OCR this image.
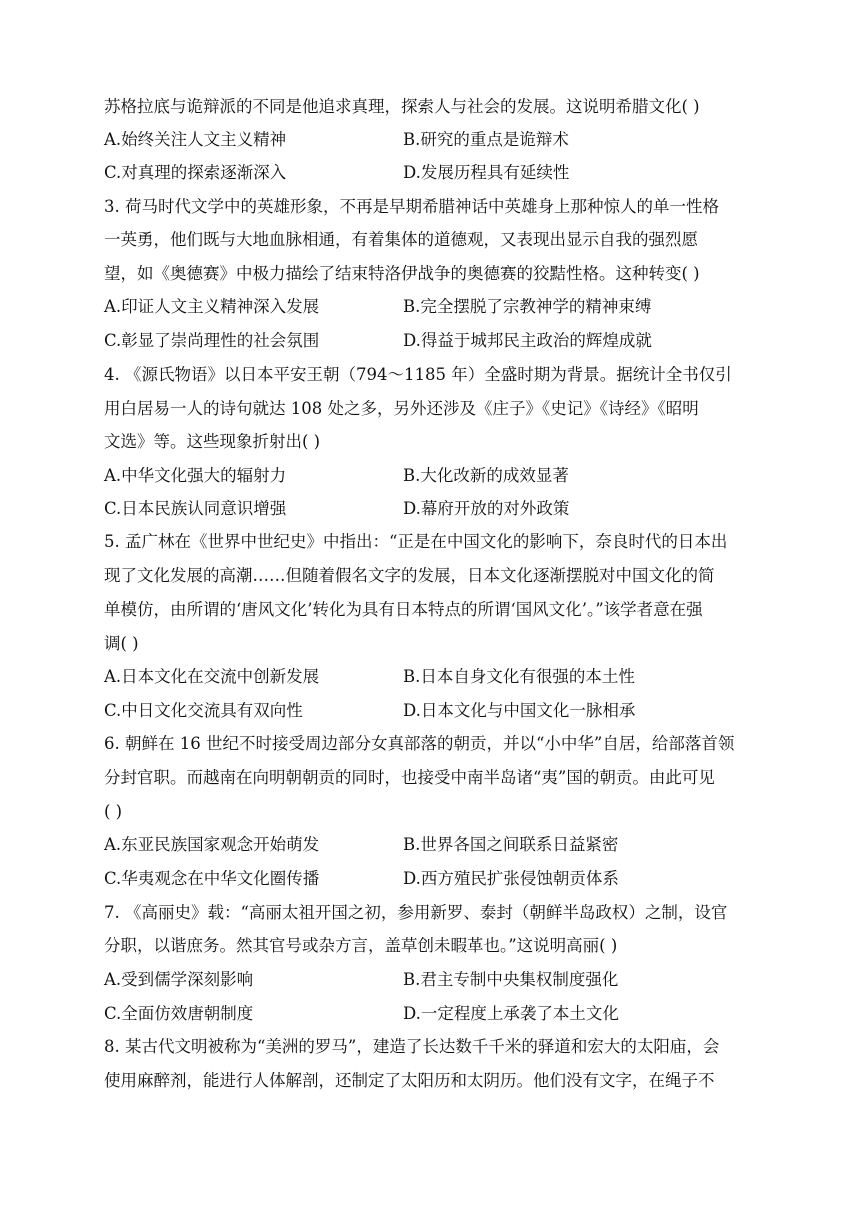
苏格拉底与诡辩派的不同是他追求真理，探索人与社会的发展。这说明希腊文化( )
A.始终关注人文主义精神	B.研究的重点是诡辩术
C.对真理的探索逐渐深入	D.发展历程具有延续性
3. 荷马时代文学中的英雄形象，不再是早期希腊神话中英雄身上那种惊人的单一性格
一英勇，他们既与大地血脉相通，有着集体的道德观，又表现出显示自我的强烈愿
望，如《奥德赛》中极力描绘了结束特洛伊战争的奥德赛的狡黠性格。这种转变( )
A.印证人文主义精神深入发展	B.完全摆脱了宗教神学的精神束缚
C.彰显了崇尚理性的社会氛围	D.得益于城邦民主政治的辉煌成就
4. 《源氏物语》以日本平安王朝（794～1185 年）全盛时期为背景。据统计全书仅引
用白居易一人的诗句就达 108 处之多，另外还涉及《庄子》《史记》《诗经》《昭明
文选》等。这些现象折射出( )
A.中华文化强大的辐射力	B.大化改新的成效显著
C.日本民族认同意识增强	D.幕府开放的对外政策
5. 孟广林在《世界中世纪史》中指出：“正是在中国文化的影响下，奈良时代的日本出
现了文化发展的高潮……但随着假名文字的发展，日本文化逐渐摆脱对中国文化的简
单模仿，由所谓的‘唐风文化’转化为具有日本特点的所谓‘国风文化’。”该学者意在强
调( )
A.日本文化在交流中创新发展	B.日本自身文化有很强的本土性
C.中日文化交流具有双向性	D.日本文化与中国文化一脉相承
6. 朝鲜在 16 世纪不时接受周边部分女真部落的朝贡，并以“小中华”自居，给部落首领
分封官职。而越南在向明朝朝贡的同时，也接受中南半岛诸“夷”国的朝贡。由此可见
( )
A.东亚民族国家观念开始萌发	B.世界各国之间联系日益紧密
C.华夷观念在中华文化圈传播	D.西方殖民扩张侵蚀朝贡体系
7. 《高丽史》载：“高丽太祖开国之初，参用新罗、泰封（朝鲜半岛政权）之制，设官
分职，以谐庶务。然其官号或杂方言，盖草创未暇革也。”这说明高丽( )
A.受到儒学深刻影响	B.君主专制中央集权制度强化
C.全面仿效唐朝制度	D.一定程度上承袭了本土文化
8. 某古代文明被称为“美洲的罗马”，建造了长达数千千米的驿道和宏大的太阳庙，会
使用麻醉剂，能进行人体解剖，还制定了太阳历和太阴历。他们没有文字，在绳子不
